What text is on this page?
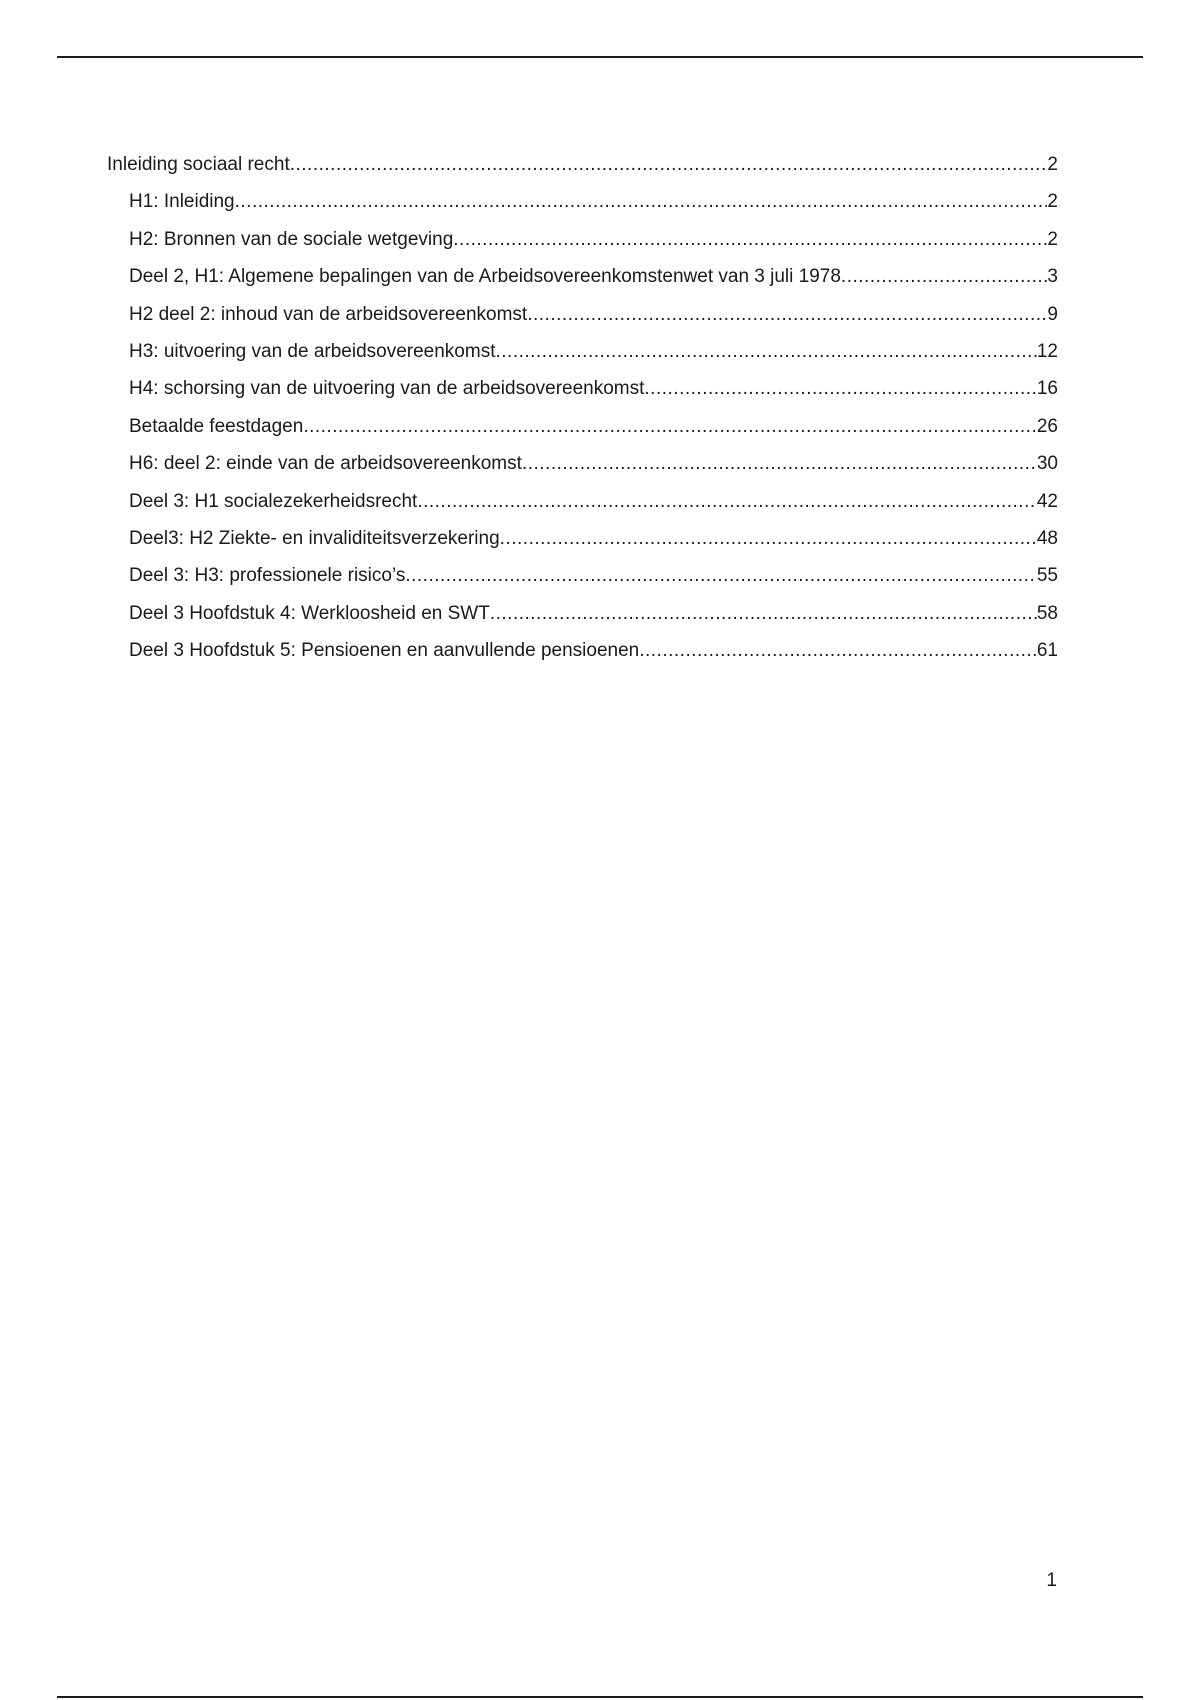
Inleiding sociaal recht .....	2
H1: Inleiding .....	2
H2: Bronnen van de sociale wetgeving .....	2
Deel 2, H1: Algemene bepalingen van de Arbeidsovereenkomstenwet van 3 juli 1978 .....	3
H2 deel 2: inhoud van de arbeidsovereenkomst .....	9
H3: uitvoering van de arbeidsovereenkomst .....	12
H4: schorsing van de uitvoering van de arbeidsovereenkomst .....	16
Betaalde feestdagen .....	26
H6: deel 2: einde van de arbeidsovereenkomst .....	30
Deel 3: H1 socialezekerheidsrecht .....	42
Deel3: H2 Ziekte- en invaliditeitsverzekering .....	48
Deel 3: H3: professionele risico’s .....	55
Deel 3 Hoofdstuk 4: Werkloosheid en SWT .....	58
Deel 3 Hoofdstuk 5: Pensioenen en aanvullende pensioenen .....	61
1
